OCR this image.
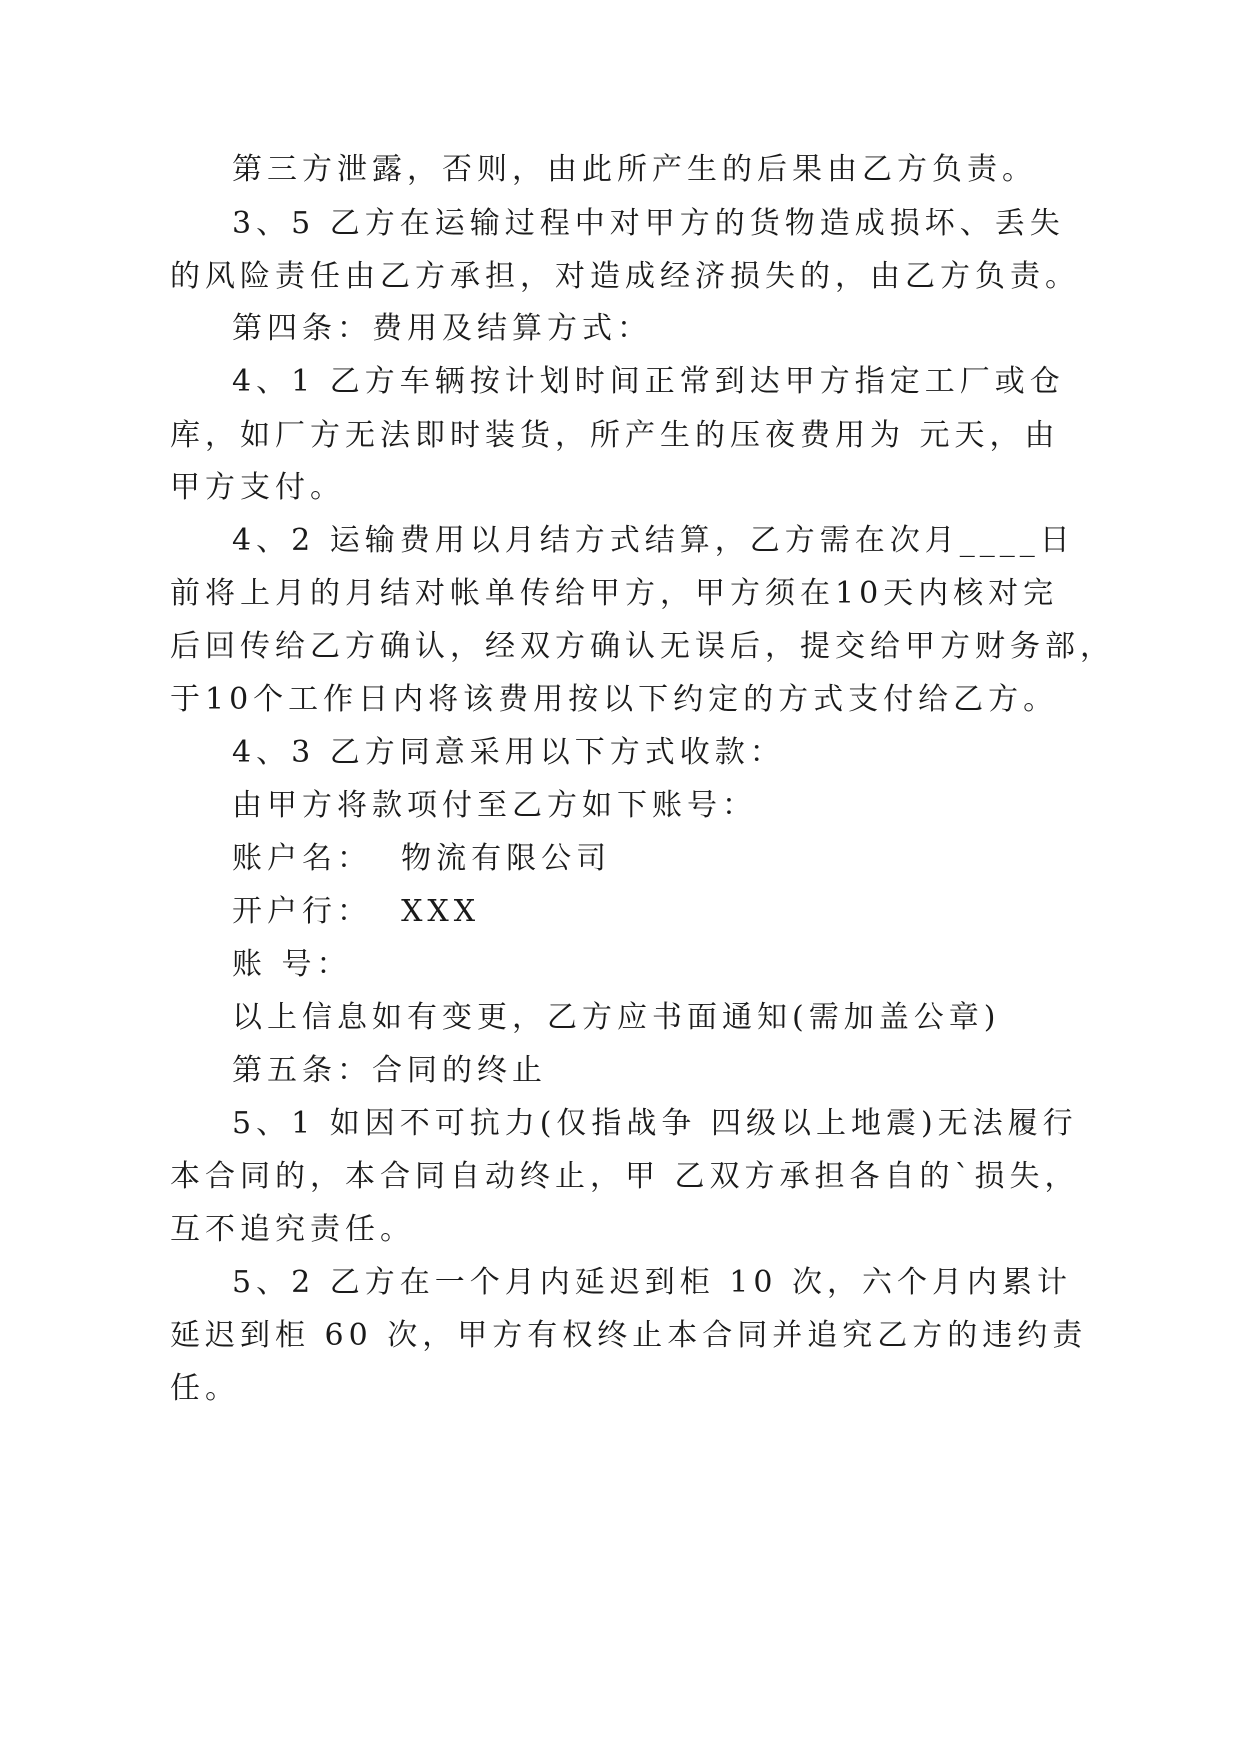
第三方泄露，否则，由此所产生的后果由乙方负责。
3、5 乙方在运输过程中对甲方的货物造成损坏、丢失
的风险责任由乙方承担，对造成经济损失的，由乙方负责。
第四条：费用及结算方式：
4、1 乙方车辆按计划时间正常到达甲方指定工厂或仓
库，如厂方无法即时装货，所产生的压夜费用为 元天，由
甲方支付。
4、2 运输费用以月结方式结算，乙方需在次月____日
前将上月的月结对帐单传给甲方，甲方须在10天内核对完
后回传给乙方确认，经双方确认无误后，提交给甲方财务部，
于10个工作日内将该费用按以下约定的方式支付给乙方。
4、3 乙方同意采用以下方式收款：
由甲方将款项付至乙方如下账号：
账户名：  物流有限公司
开户行：  XXX
账 号：
以上信息如有变更，乙方应书面通知(需加盖公章)
第五条：合同的终止
5、1 如因不可抗力(仅指战争 四级以上地震)无法履行
本合同的，本合同自动终止，甲 乙双方承担各自的`损失，
互不追究责任。
5、2 乙方在一个月内延迟到柜 10 次，六个月内累计
延迟到柜 60 次，甲方有权终止本合同并追究乙方的违约责
任。
